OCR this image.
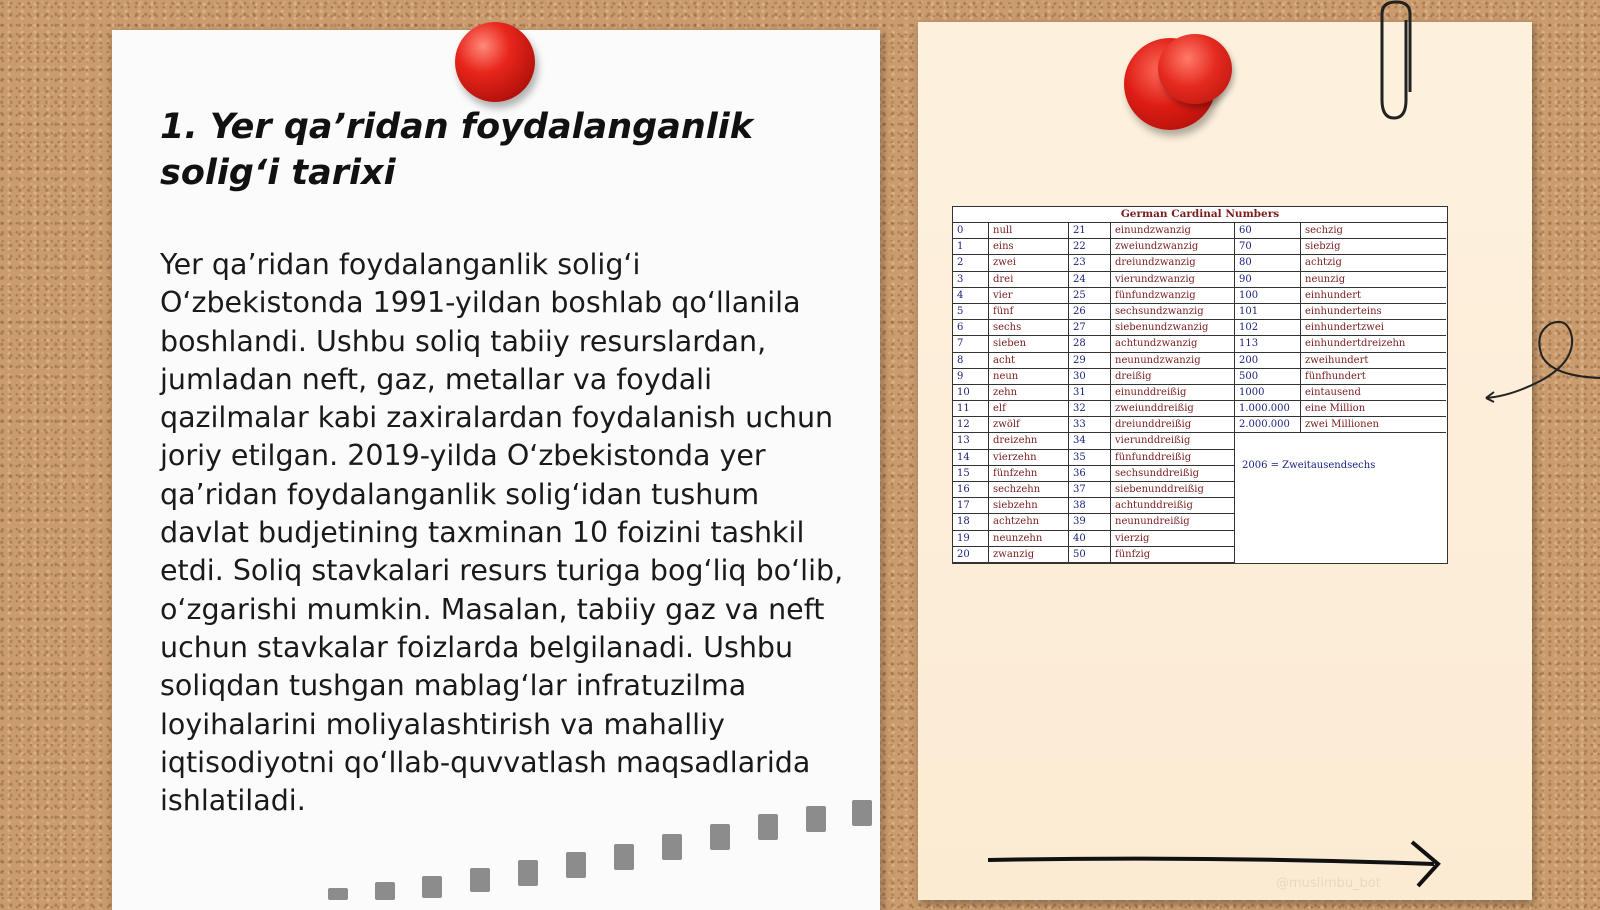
1. Yer qa’ridan foydalanganlik solig‘i tarixi
Yer qa’ridan foydalanganlik solig‘i O‘zbekistonda 1991-yildan boshlab qo‘llanila boshlandi. Ushbu soliq tabiiy resurslardan, jumladan neft, gaz, metallar va foydali qazilmalar kabi zaxiralardan foydalanish uchun joriy etilgan. 2019-yilda O‘zbekistonda yer qa’ridan foydalanganlik solig‘idan tushum davlat budjetining taxminan 10 foizini tashkil etdi. Soliq stavkalari resurs turiga bog‘liq bo‘lib, o‘zgarishi mumkin. Masalan, tabiiy gaz va neft uchun stavkalar foizlarda belgilanadi. Ushbu soliqdan tushgan mablag‘lar infratuzilma loyihalarini moliyalashtirish va mahalliy iqtisodiyotni qo‘llab-quvvatlash maqsadlarida ishlatiladi.
German Cardinal Numbers
0	null	21	einundzwanzig	60	sechzig
1	eins	22	zweiundzwanzig	70	siebzig
2	zwei	23	dreiundzwanzig	80	achtzig
3	drei	24	vierundzwanzig	90	neunzig
4	vier	25	fünfundzwanzig	100	einhundert
5	fünf	26	sechsundzwanzig	101	einhunderteins
6	sechs	27	siebenundzwanzig	102	einhundertzwei
7	sieben	28	achtundzwanzig	113	einhundertdreizehn
8	acht	29	neunundzwanzig	200	zweihundert
9	neun	30	dreißig	500	fünfhundert
10	zehn	31	einunddreißig	1000	eintausend
11	elf	32	zweiunddreißig	1.000.000	eine Million
12	zwölf	33	dreiunddreißig	2.000.000	zwei Millionen
13	dreizehn	34	vierunddreißig
14	vierzehn	35	fünfunddreißig
15	fünfzehn	36	sechsunddreißig
16	sechzehn	37	siebenunddreißig
17	siebzehn	38	achtunddreißig
18	achtzehn	39	neunundreißig
19	neunzehn	40	vierzig
20	zwanzig	50	fünfzig
2006 = Zweitausendsechs
@muslimbu_bot
